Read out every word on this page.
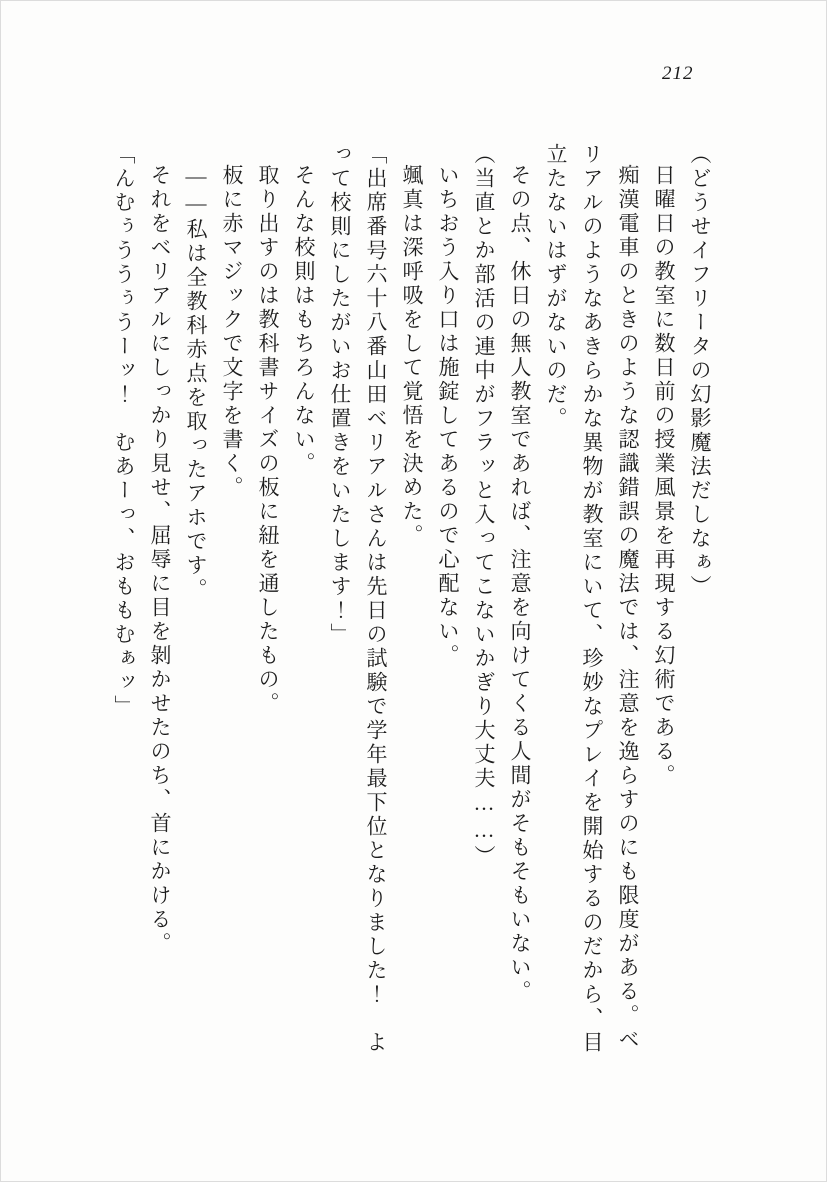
212

（どうせイフリータの幻影魔法だしなぁ）

日曜日の教室に数日前の授業風景を再現する幻術である。

痴漢電車のときのような認識錯誤の魔法では、注意を逸らすのにも限度がある。ベリアルのようなあきらかな異物が教室にいて、珍妙なプレイを開始するのだから、目立たないはずがないのだ。

その点、休日の無人教室であれば、注意を向けてくる人間がそもそもいない。

（当直とか部活の連中がフラッと入ってこないかぎり大丈夫……）

いちおう入り口は施錠してあるので心配ない。

颯真は深呼吸をして覚悟を決めた。

「出席番号六十八番山田ベリアルさんは先日の試験で学年最下位となりました！　よって校則にしたがいお仕置きをいたします！」

そんな校則はもちろんない。

取り出すのは教科書サイズの板に紐を通したもの。

板に赤マジックで文字を書く。

――私は全教科赤点を取ったアホです。

それをベリアルにしっかり見せ、屈辱に目を剝かせたのち、首にかける。

「んむぅううぅうーッ！　むあーっ、おももむぁッ」
